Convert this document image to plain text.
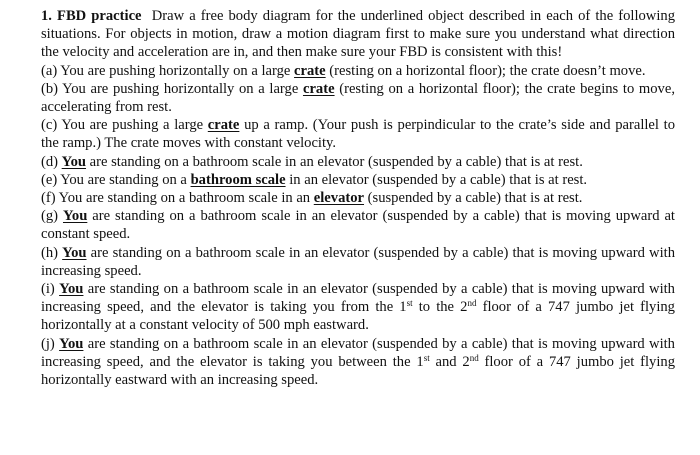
1. FBD practice Draw a free body diagram for the underlined object described in each of the following situations. For objects in motion, draw a motion diagram first to make sure you understand what direction the velocity and acceleration are in, and then make sure your FBD is consistent with this!

(a) You are pushing horizontally on a large crate (resting on a horizontal floor); the crate doesn’t move.

(b) You are pushing horizontally on a large crate (resting on a horizontal floor); the crate begins to move, accelerating from rest.

(c) You are pushing a large crate up a ramp. (Your push is perpindicular to the crate’s side and parallel to the ramp.) The crate moves with constant velocity.

(d) You are standing on a bathroom scale in an elevator (suspended by a cable) that is at rest.

(e) You are standing on a bathroom scale in an elevator (suspended by a cable) that is at rest.

(f) You are standing on a bathroom scale in an elevator (suspended by a cable) that is at rest.

(g) You are standing on a bathroom scale in an elevator (suspended by a cable) that is moving upward at constant speed.

(h) You are standing on a bathroom scale in an elevator (suspended by a cable) that is moving upward with increasing speed.

(i) You are standing on a bathroom scale in an elevator (suspended by a cable) that is moving upward with increasing speed, and the elevator is taking you from the 1st to the 2nd floor of a 747 jumbo jet flying horizontally at a constant velocity of 500 mph eastward.

(j) You are standing on a bathroom scale in an elevator (suspended by a cable) that is moving upward with increasing speed, and the elevator is taking you between the 1st and 2nd floor of a 747 jumbo jet flying horizontally eastward with an increasing speed.
